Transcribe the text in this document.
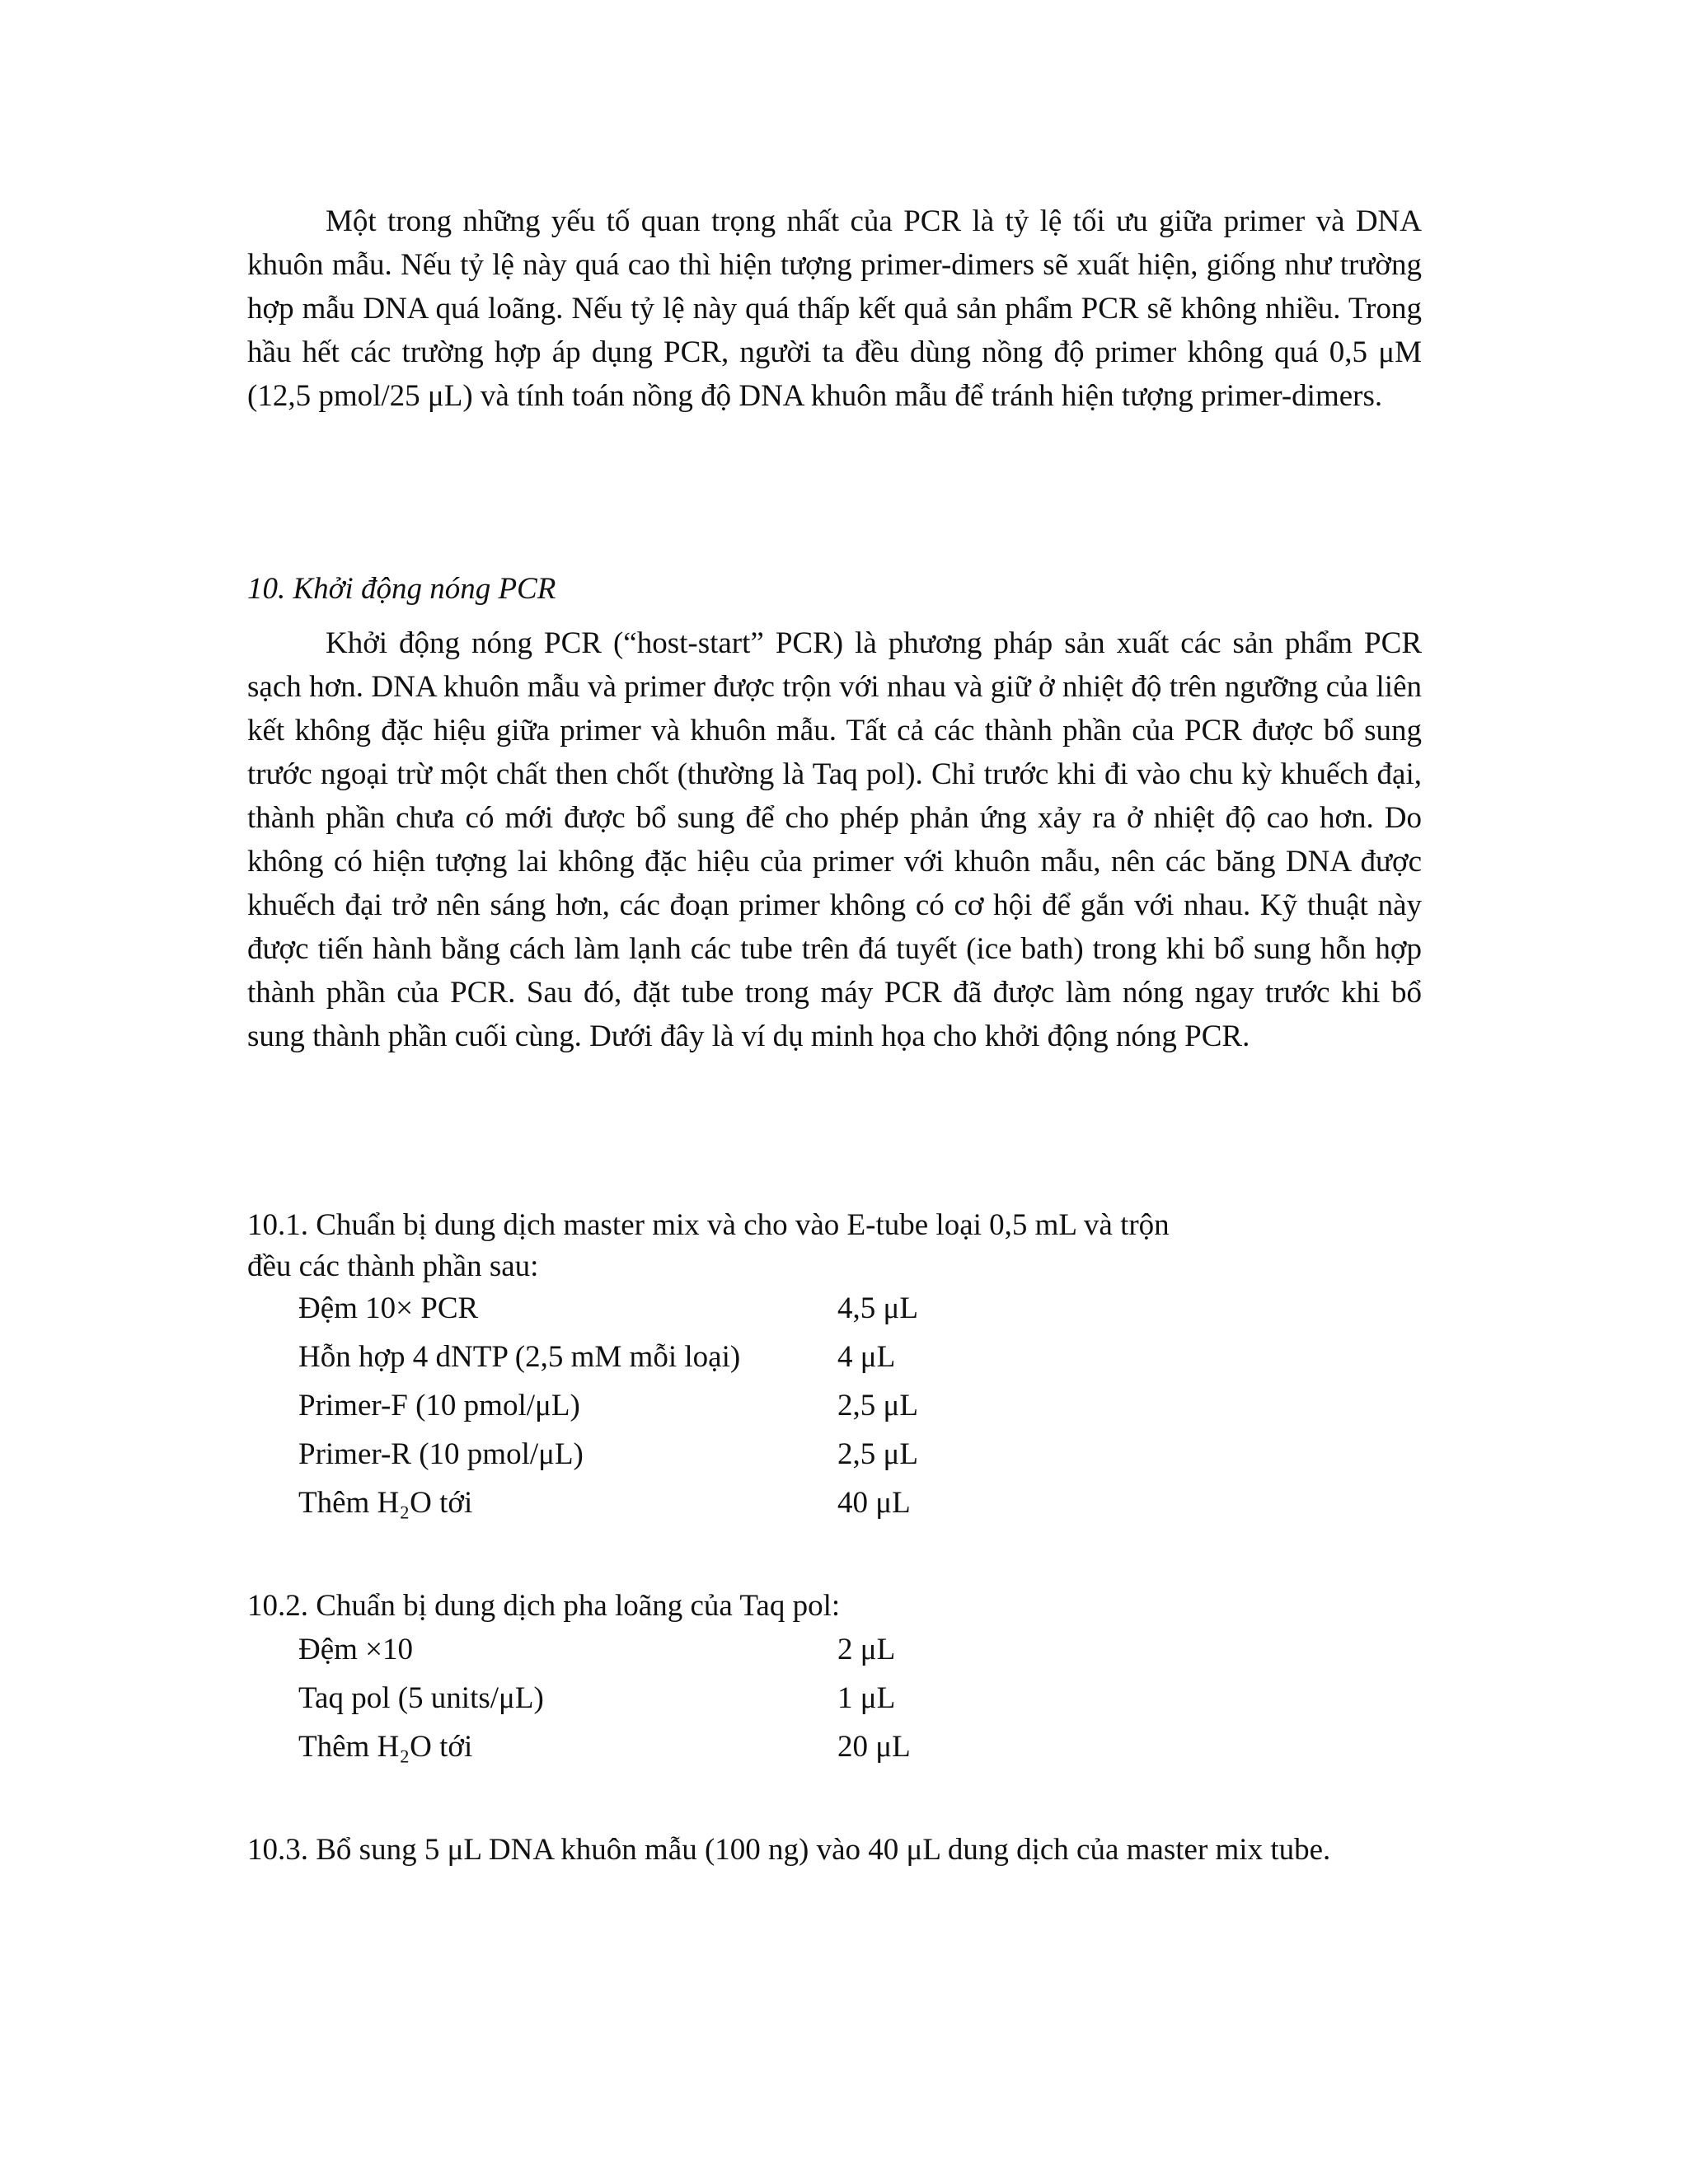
Một trong những yếu tố quan trọng nhất của PCR là tỷ lệ tối ưu giữa primer và DNA khuôn mẫu. Nếu tỷ lệ này quá cao thì hiện tượng primer-dimers sẽ xuất hiện, giống như trường hợp mẫu DNA quá loãng. Nếu tỷ lệ này quá thấp kết quả sản phẩm PCR sẽ không nhiều. Trong hầu hết các trường hợp áp dụng PCR, người ta đều dùng nồng độ primer không quá 0,5 μM (12,5 pmol/25 μL) và tính toán nồng độ DNA khuôn mẫu để tránh hiện tượng primer-dimers.

10. Khởi động nóng PCR

Khởi động nóng PCR (“host-start” PCR) là phương pháp sản xuất các sản phẩm PCR sạch hơn. DNA khuôn mẫu và primer được trộn với nhau và giữ ở nhiệt độ trên ngưỡng của liên kết không đặc hiệu giữa primer và khuôn mẫu. Tất cả các thành phần của PCR được bổ sung trước ngoại trừ một chất then chốt (thường là Taq pol). Chỉ trước khi đi vào chu kỳ khuếch đại, thành phần chưa có mới được bổ sung để cho phép phản ứng xảy ra ở nhiệt độ cao hơn. Do không có hiện tượng lai không đặc hiệu của primer với khuôn mẫu, nên các băng DNA được khuếch đại trở nên sáng hơn, các đoạn primer không có cơ hội để gắn với nhau. Kỹ thuật này được tiến hành bằng cách làm lạnh các tube trên đá tuyết (ice bath) trong khi bổ sung hỗn hợp thành phần của PCR. Sau đó, đặt tube trong máy PCR đã được làm nóng ngay trước khi bổ sung thành phần cuối cùng. Dưới đây là ví dụ minh họa cho khởi động nóng PCR.

10.1. Chuẩn bị dung dịch master mix và cho vào E-tube loại 0,5 mL và trộn đều các thành phần sau:

Đệm 10× PCR	4,5 μL
Hỗn hợp 4 dNTP (2,5 mM mỗi loại)	4 μL
Primer-F (10 pmol/μL)	2,5 μL
Primer-R (10 pmol/μL)	2,5 μL
Thêm H₂O tới	40 μL

10.2. Chuẩn bị dung dịch pha loãng của Taq pol:

Đệm ×10	2 μL
Taq pol (5 units/μL)	1 μL
Thêm H₂O tới	20 μL

10.3. Bổ sung 5 μL DNA khuôn mẫu (100 ng) vào 40 μL dung dịch của master mix tube.
